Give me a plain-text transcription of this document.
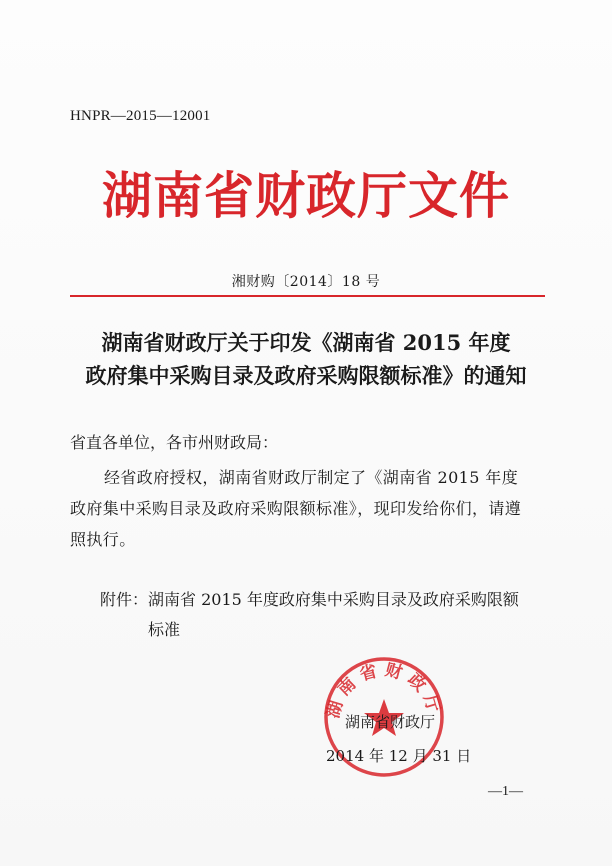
HNPR—2015—12001
湖南省财政厅文件
湘财购〔2014〕18 号
湖南省财政厅关于印发《湖南省 2015 年度
政府集中采购目录及政府采购限额标准》的通知
省直各单位，各市州财政局：
经省政府授权，湖南省财政厅制定了《湖南省 2015 年度政府集中采购目录及政府采购限额标准》，现印发给你们，请遵照执行。
附件：湖南省 2015 年度政府集中采购目录及政府采购限额
标准
湖南省财政厅
湖南省财政厅
2014 年 12 月 31 日
—1—
